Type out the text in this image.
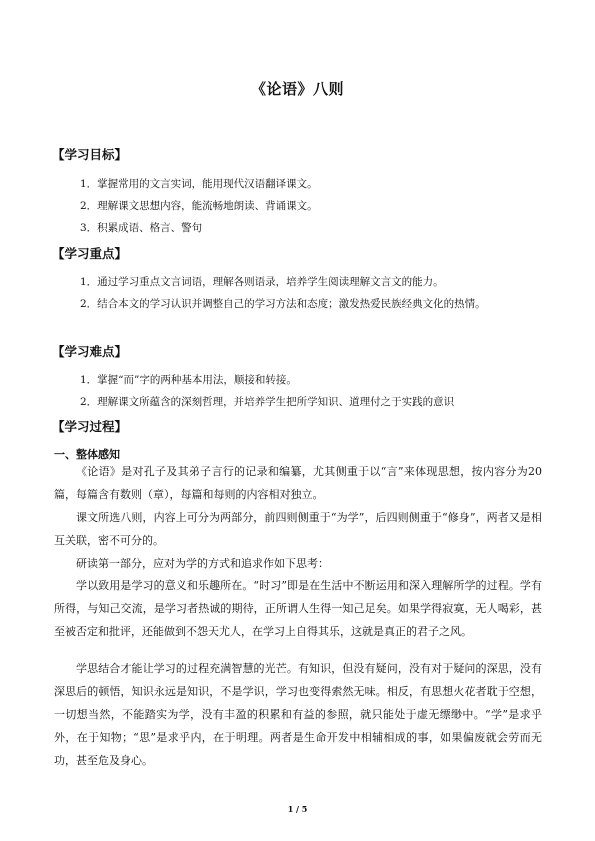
《论语》八则
【学习目标】
1．掌握常用的文言实词，能用现代汉语翻译课文。
2．理解课文思想内容，能流畅地朗读、背诵课文。
3．积累成语、格言、警句
【学习重点】
1．通过学习重点文言词语，理解各则语录，培养学生阅读理解文言文的能力。
2．结合本文的学习认识并调整自己的学习方法和态度；激发热爱民族经典文化的热情。
【学习难点】
1．掌握“而”字的两种基本用法，顺接和转接。
2．理解课文所蕴含的深刻哲理，并培养学生把所学知识、道理付之于实践的意识
【学习过程】
一、整体感知

《论语》是对孔子及其弟子言行的记录和编纂，尤其侧重于以“言”来体现思想，按内容分为20篇，每篇含有数则（章），每篇和每则的内容相对独立。

课文所选八则，内容上可分为两部分，前四则侧重于“为学”，后四则侧重于“修身”，两者又是相互关联，密不可分的。

研读第一部分，应对为学的方式和追求作如下思考：

学以致用是学习的意义和乐趣所在。“时习”即是在生活中不断运用和深入理解所学的过程。学有所得，与知己交流，是学习者热诚的期待，正所谓人生得一知己足矣。如果学得寂寞，无人喝彩，甚至被否定和批评，还能做到不怨天尤人，在学习上自得其乐，这就是真正的君子之风。

学思结合才能让学习的过程充满智慧的光芒。有知识，但没有疑问，没有对于疑问的深思，没有深思后的顿悟，知识永远是知识，不是学识，学习也变得索然无味。相反，有思想火花者耽于空想，一切想当然，不能踏实为学，没有丰盈的积累和有益的参照，就只能处于虚无缥缈中。“学”是求乎外，在于知物；“思”是求乎内，在于明理。两者是生命开发中相辅相成的事，如果偏废就会劳而无功，甚至危及身心。

1 / 5
